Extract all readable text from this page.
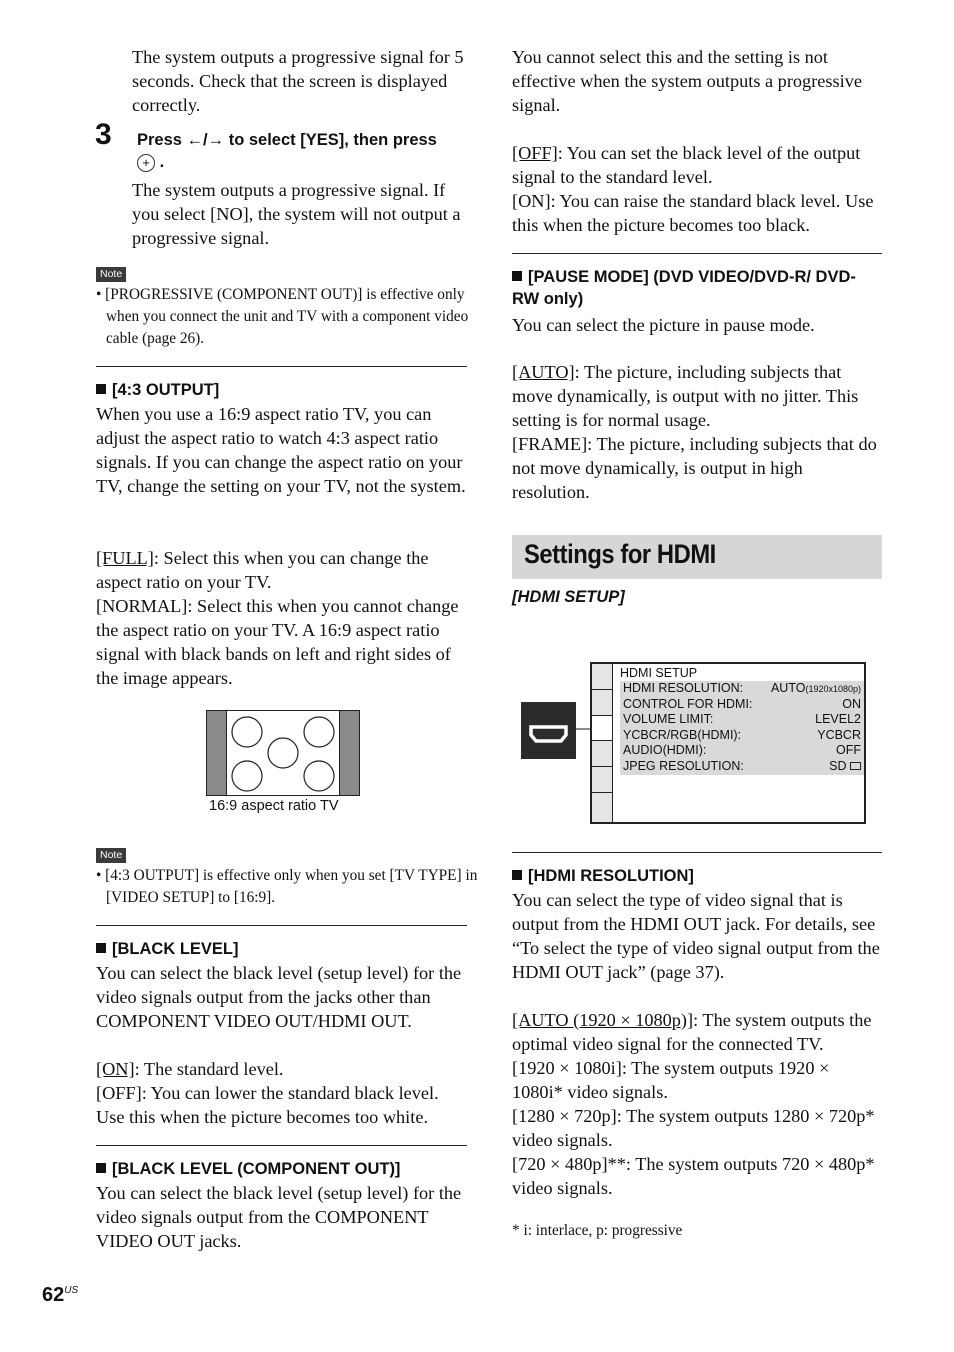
The system outputs a progressive signal for 5 seconds. Check that the screen is displayed correctly.
3 Press ←/→ to select [YES], then press
+ .
The system outputs a progressive signal. If you select [NO], the system will not output a progressive signal.
Note
• [PROGRESSIVE (COMPONENT OUT)] is effective only when you connect the unit and TV with a component video cable (page 26).
[4:3 OUTPUT]
When you use a 16:9 aspect ratio TV, you can adjust the aspect ratio to watch 4:3 aspect ratio signals. If you can change the aspect ratio on your TV, change the setting on your TV, not the system.
[FULL]: Select this when you can change the aspect ratio on your TV.
[NORMAL]: Select this when you cannot change the aspect ratio on your TV. A 16:9 aspect ratio signal with black bands on left and right sides of the image appears.
16:9 aspect ratio TV
Note
• [4:3 OUTPUT] is effective only when you set [TV TYPE] in [VIDEO SETUP] to [16:9].
[BLACK LEVEL]
You can select the black level (setup level) for the video signals output from the jacks other than COMPONENT VIDEO OUT/HDMI OUT.
[ON]: The standard level.
[OFF]: You can lower the standard black level. Use this when the picture becomes too white.
[BLACK LEVEL (COMPONENT OUT)]
You can select the black level (setup level) for the video signals output from the COMPONENT VIDEO OUT jacks.
$62^{US}$
You cannot select this and the setting is not effective when the system outputs a progressive signal.
[OFF]: You can set the black level of the output signal to the standard level.
[ON]: You can raise the standard black level. Use this when the picture becomes too black.
[PAUSE MODE] (DVD VIDEO/DVD-R/ DVD-RW only)
You can select the picture in pause mode.
[AUTO]: The picture, including subjects that move dynamically, is output with no jitter. This setting is for normal usage.
[FRAME]: The picture, including subjects that do not move dynamically, is output in high resolution.
Settings for HDMI
[HDMI SETUP]
HDMI SETUP
HDMI RESOLUTION: AUTO(1920x1080p)
CONTROL FOR HDMI:	ON
VOLUME LIMIT:	LEVEL2
YCBCR/RGB(HDMI):	YCBCR
AUDIO(HDMI):	OFF
JPEG RESOLUTION:	SD
[HDMI RESOLUTION]
You can select the type of video signal that is output from the HDMI OUT jack. For details, see “To select the type of video signal output from the HDMI OUT jack” (page 37).
[AUTO (1920 × 1080p)]: The system outputs the optimal video signal for the connected TV.
[1920 × 1080i]: The system outputs 1920 × 1080i* video signals.
[1280 × 720p]: The system outputs 1280 × 720p* video signals.
[720 × 480p]**: The system outputs 720 × 480p* video signals.
* i: interlace, p: progressive
